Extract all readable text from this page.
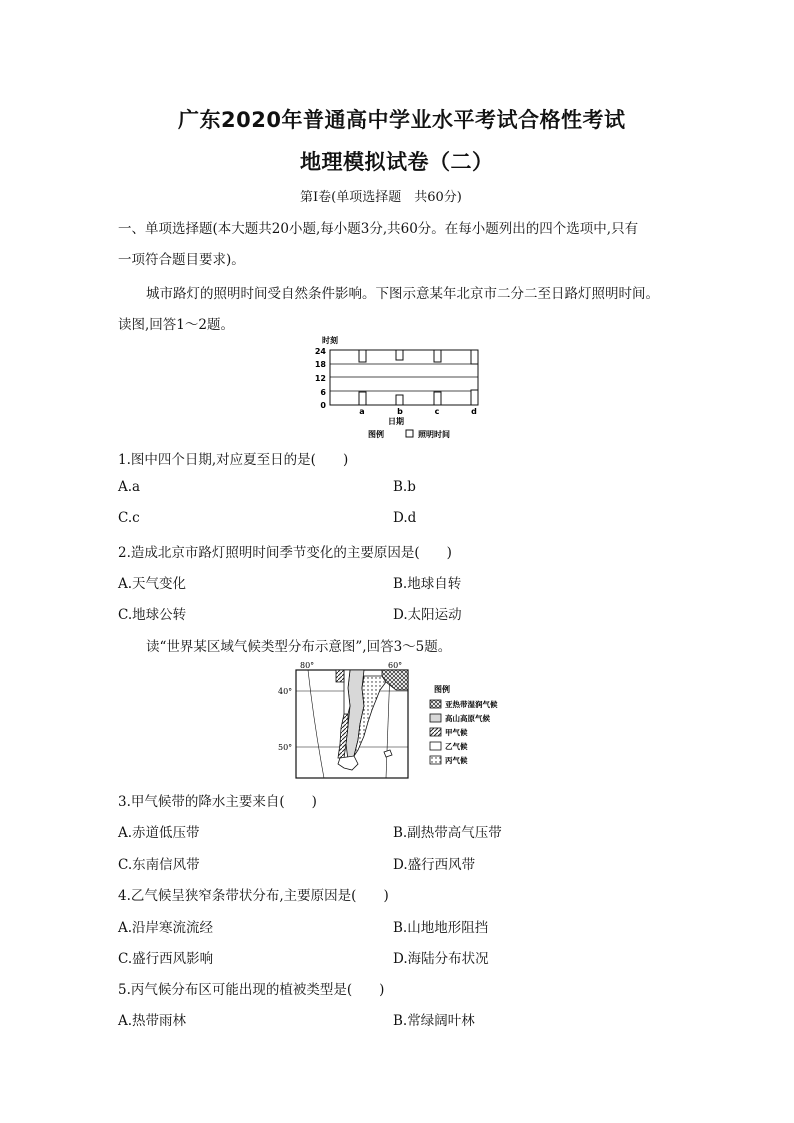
广东2020年普通高中学业水平考试合格性考试
地理模拟试卷（二）
第Ⅰ卷(单项选择题　共60分)
一、单项选择题(本大题共20小题,每小题3分,共60分。在每小题列出的四个选项中,只有
一项符合题目要求)。
城市路灯的照明时间受自然条件影响。下图示意某年北京市二分二至日路灯照明时间。
读图,回答1～2题。
时刻
24
18
12
6
0
a	b	c	d
日期
图例	照明时间
1.图中四个日期,对应夏至日的是(　　)
A.a	B.b
C.c	D.d
2.造成北京市路灯照明时间季节变化的主要原因是(　　)
A.天气变化	B.地球自转
C.地球公转	D.太阳运动
读“世界某区域气候类型分布示意图”,回答3～5题。
80°	60°
40°
50°
图例
亚热带湿润气候
高山高原气候
甲气候
乙气候
丙气候
3.甲气候带的降水主要来自(　　)
A.赤道低压带	B.副热带高气压带
C.东南信风带	D.盛行西风带
4.乙气候呈狭窄条带状分布,主要原因是(　　)
A.沿岸寒流流经	B.山地地形阻挡
C.盛行西风影响	D.海陆分布状况
5.丙气候分布区可能出现的植被类型是(　　)
A.热带雨林	B.常绿阔叶林
